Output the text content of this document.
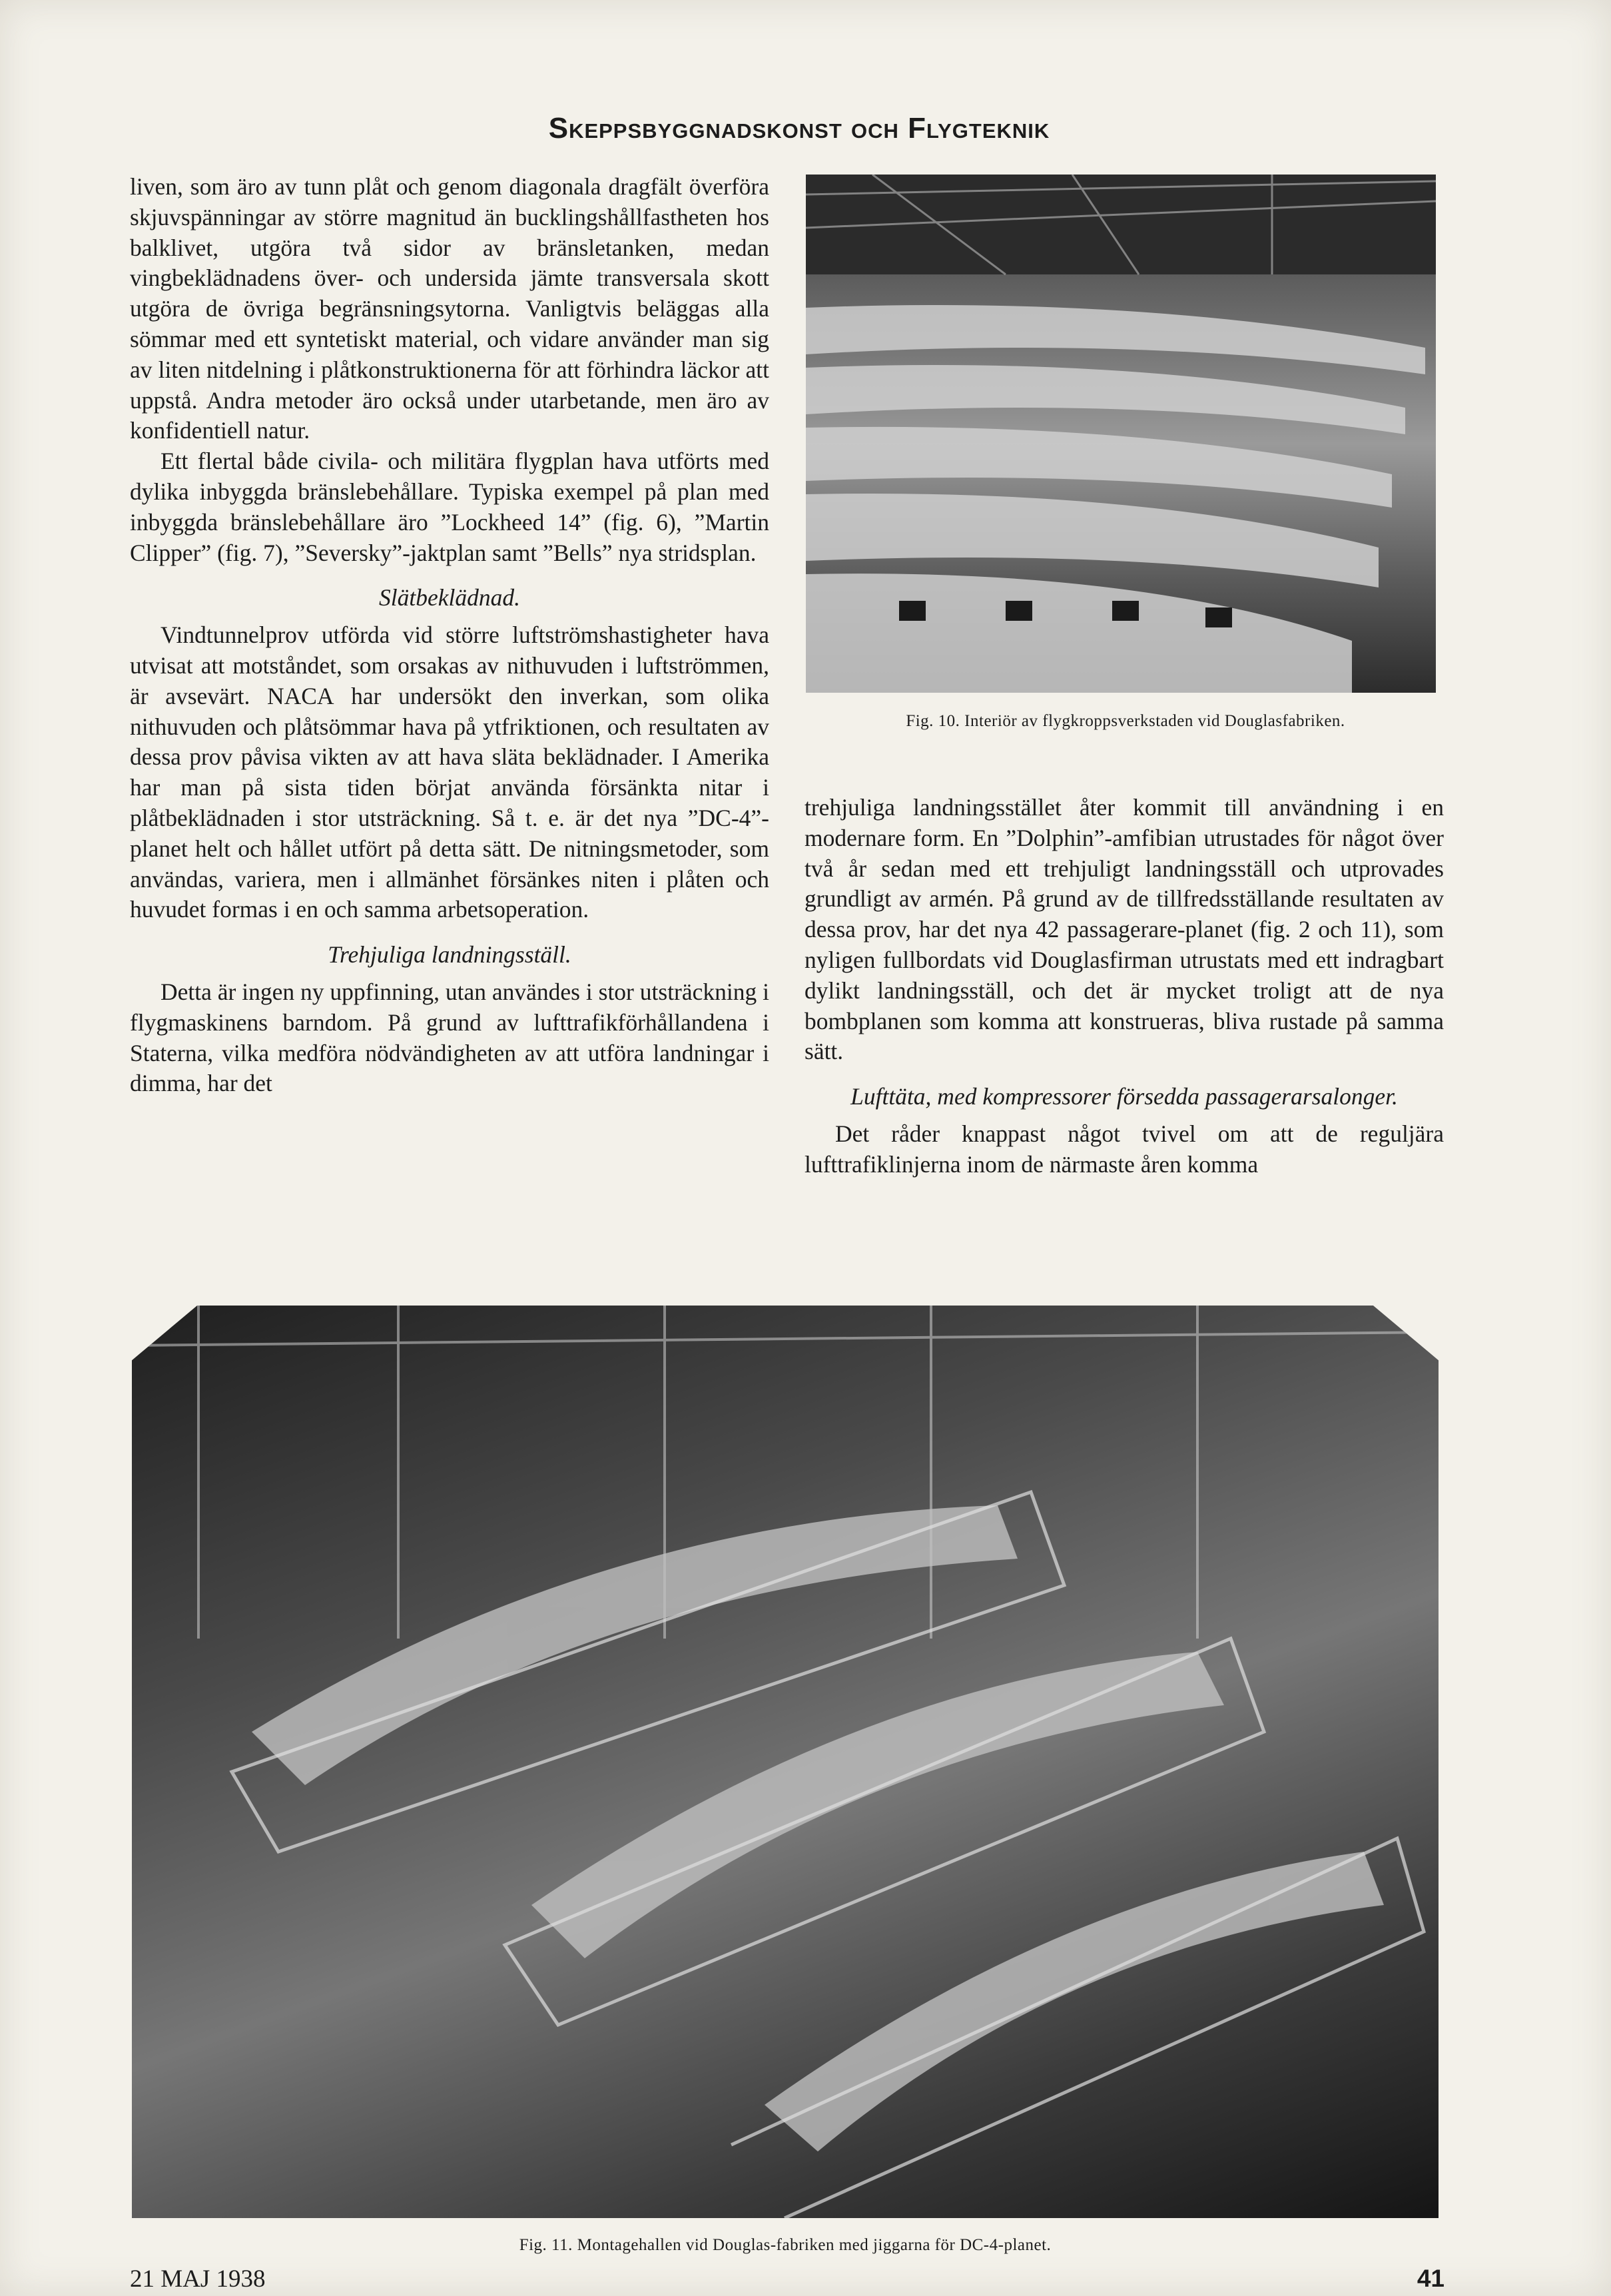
Skeppsbyggnadskonst och Flygteknik

liven, som äro av tunn plåt och genom diagonala dragfält överföra skjuvspänningar av större magnitud än bucklingshållfastheten hos balklivet, utgöra två sidor av bränsletanken, medan vingbeklädnadens över- och undersida jämte transversala skott utgöra de övriga begränsningsytorna. Vanligtvis beläggas alla sömmar med ett syntetiskt material, och vidare använder man sig av liten nitdelning i plåtkonstruktionerna för att förhindra läckor att uppstå. Andra metoder äro också under utarbetande, men äro av konfidentiell natur.

Ett flertal både civila- och militära flygplan hava utförts med dylika inbyggda bränslebehållare. Typiska exempel på plan med inbyggda bränslebehållare äro ”Lockheed 14” (fig. 6), ”Martin Clipper” (fig. 7), ”Seversky”-jaktplan samt ”Bells” nya stridsplan.

Slätbeklädnad.

Vindtunnelprov utförda vid större luftströmshastigheter hava utvisat att motståndet, som orsakas av nithuvuden i luftströmmen, är avsevärt. NACA har undersökt den inverkan, som olika nithuvuden och plåtsömmar hava på ytfriktionen, och resultaten av dessa prov påvisa vikten av att hava släta beklädnader. I Amerika har man på sista tiden börjat använda försänkta nitar i plåtbeklädnaden i stor utsträckning. Så t. e. är det nya ”DC-4”-planet helt och hållet utfört på detta sätt. De nitningsmetoder, som användas, variera, men i allmänhet försänkes niten i plåten och huvudet formas i en och samma arbetsoperation.

Trehjuliga landningsställ.

Detta är ingen ny uppfinning, utan användes i stor utsträckning i flygmaskinens barndom. På grund av lufttrafikförhållandena i Staterna, vilka medföra nödvändigheten av att utföra landningar i dimma, har det

Fig. 10. Interiör av flygkroppsverkstaden vid Douglasfabriken.

trehjuliga landningsstället åter kommit till användning i en modernare form. En ”Dolphin”-amfibian utrustades för något över två år sedan med ett trehjuligt landningsställ och utprovades grundligt av armén. På grund av de tillfredsställande resultaten av dessa prov, har det nya 42 passagerare-planet (fig. 2 och 11), som nyligen fullbordats vid Douglasfirman utrustats med ett indragbart dylikt landningsställ, och det är mycket troligt att de nya bombplanen som komma att konstrueras, bliva rustade på samma sätt.

Lufttäta, med kompressorer försedda passagerarsalonger.

Det råder knappast något tvivel om att de reguljära lufttrafiklinjerna inom de närmaste åren komma

Fig. 11. Montagehallen vid Douglas-fabriken med jiggarna för DC-4-planet.
21 MAJ 1938	41
